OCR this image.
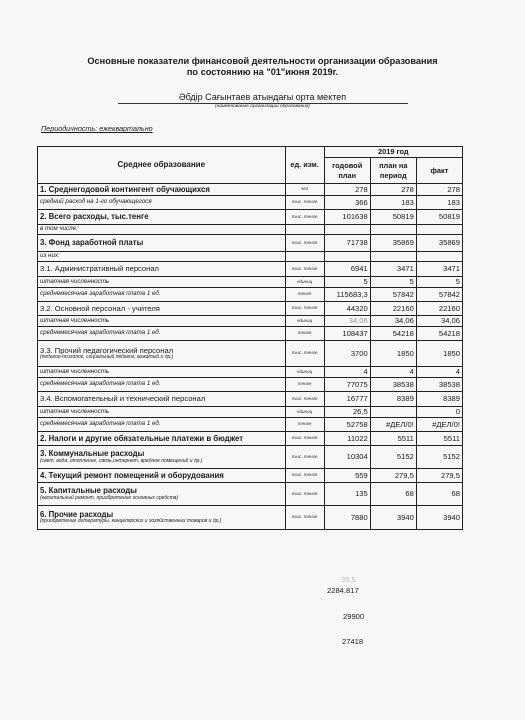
Основные показатели финансовой деятельности организации образования
по состоянию на "01"июня 2019г.
Әбдір Сағынтаев атындағы орта мектеп
(наименование организации образования)
Периодичность: ежеквартально
Среднее образование	ед. изм.	2019 год		
		годовой план	план на период	факт
1. Среднегодовой контингент обучающихся	чел	278	278	278
средний расход на 1-го обучающегося	тыс. тенге	366	183	183
2. Всего расходы, тыс.тенге	тыс. тенге	101638	50819	50819
в том числе:				
3. Фонд заработной платы	тыс. тенге	71738	35869	35869
из них:				
3.1. Административный персонал	тыс. тенге	6941	3471	3471
штатная численность	единиц	5	5	5
среднемесячная заработная плата 1 ед.	тенге	115683,3	57842	57842
3.2. Основной персонал - учителя	тыс. тенге	44320	22160	22160
штатная численность	единиц	34,06	34,06	34,06
среднемесячная заработная плата 1 ед.	тенге	108437	54218	54218
3.3. Прочий педагогический персонал
(педагог-психолог, социальный педагог, вожатый и др.)	тыс. тенге	3700	1850	1850
штатная численность	единиц	4	4	4
среднемесячная заработная плата 1 ед.	тенге	77075	38538	38538
3.4. Вспомогательный и технический персонал	тыс. тенге	16777	8389	8389
штатная численность	единиц	26,5		0
среднемесячная заработная плата 1 ед.	тенге	52758	#ДЕЛ/0!	#ДЕЛ/0!
2. Налоги и другие обязательные платежи в бюджет	тыс. тенге	11022	5511	5511
3. Коммунальные расходы
(свет, вода, отопление, связь,интернет, вредное помещений и др.)	тыс. тенге	10304	5152	5152
4. Текущий ремонт помещений и оборудования	тыс. тенге	559	279,5	279,5
5. Капитальные расходы
(капитальный ремонт, приобретение основных средств)	тыс. тенге	135	68	68
6. Прочие расходы
(приобретение литературы, канцелярских и хозяйственных товаров и др.)	тыс. тенге	7880	3940	3940
35,5
2284.817
29900
27418
